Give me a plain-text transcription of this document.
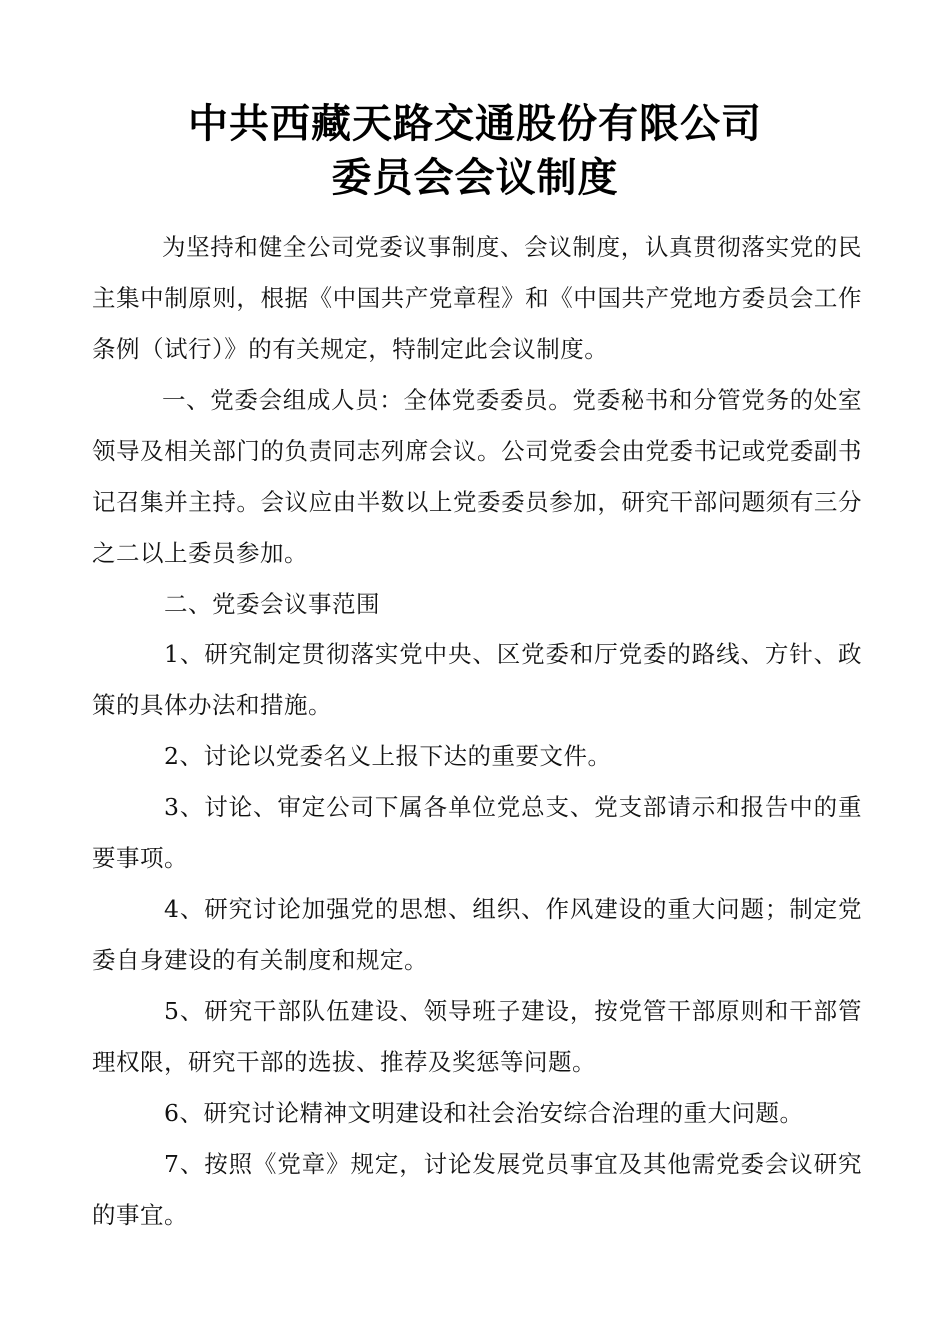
中共西藏天路交通股份有限公司
委员会会议制度

为坚持和健全公司党委议事制度、会议制度，认真贯彻落实党的民主集中制原则，根据《中国共产党章程》和《中国共产党地方委员会工作条例（试行）》的有关规定，特制定此会议制度。

一、党委会组成人员：全体党委委员。党委秘书和分管党务的处室领导及相关部门的负责同志列席会议。公司党委会由党委书记或党委副书记召集并主持。会议应由半数以上党委委员参加，研究干部问题须有三分之二以上委员参加。

二、党委会议事范围

1、研究制定贯彻落实党中央、区党委和厅党委的路线、方针、政策的具体办法和措施。

2、讨论以党委名义上报下达的重要文件。

3、讨论、审定公司下属各单位党总支、党支部请示和报告中的重要事项。

4、研究讨论加强党的思想、组织、作风建设的重大问题；制定党委自身建设的有关制度和规定。

5、研究干部队伍建设、领导班子建设，按党管干部原则和干部管理权限，研究干部的选拔、推荐及奖惩等问题。

6、研究讨论精神文明建设和社会治安综合治理的重大问题。

7、按照《党章》规定，讨论发展党员事宜及其他需党委会议研究的事宜。
